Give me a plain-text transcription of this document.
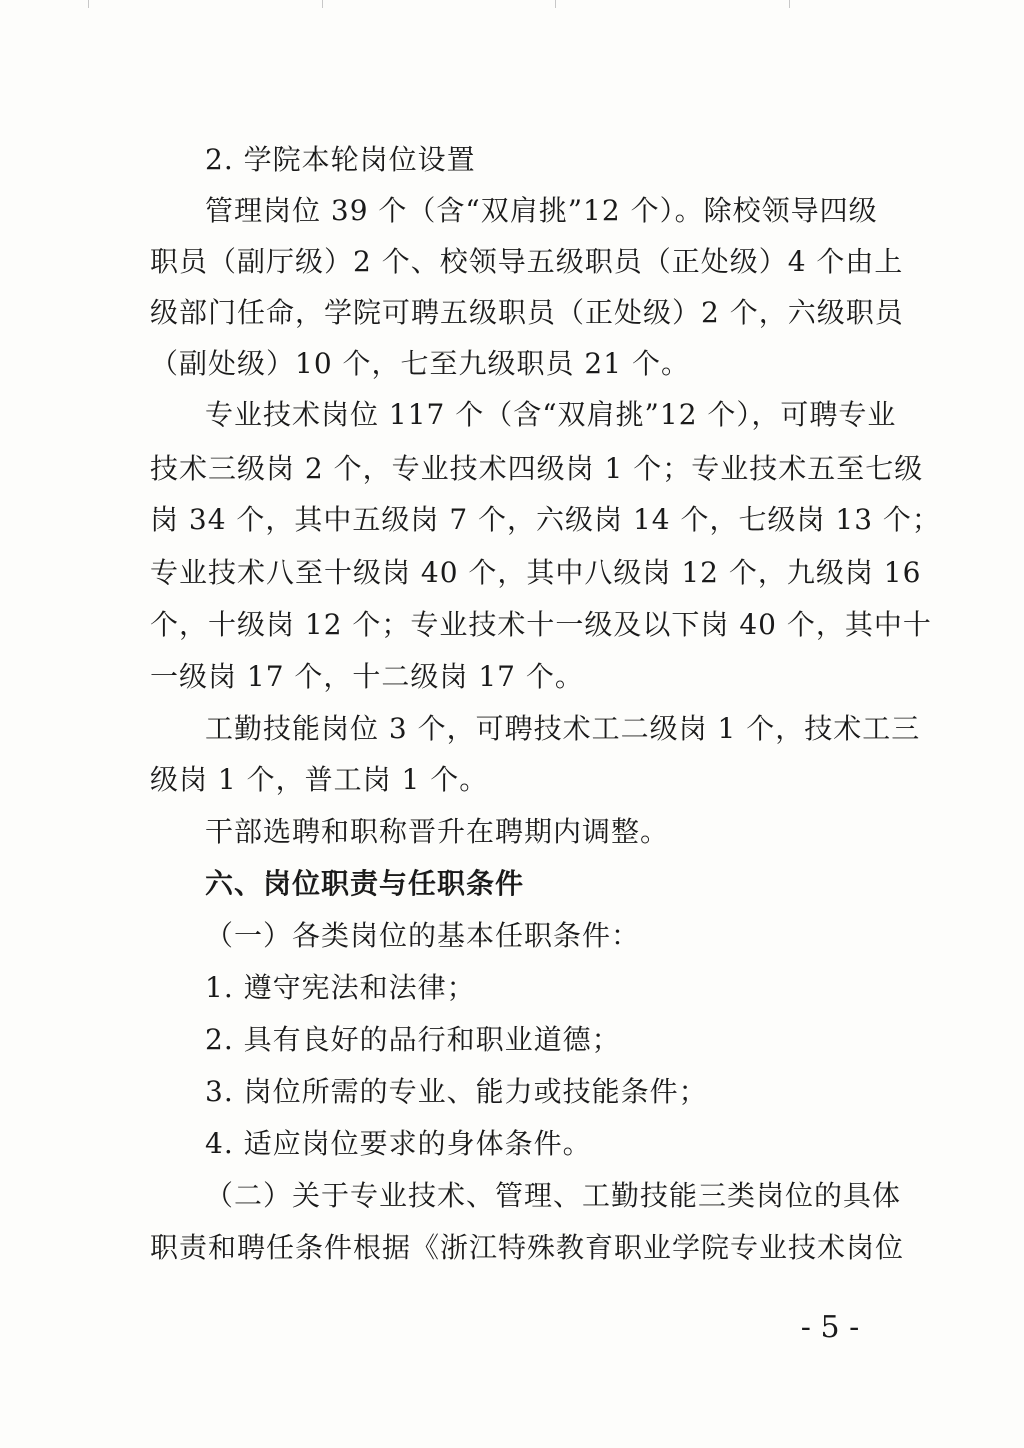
2. 学院本轮岗位设置
管理岗位 39 个（含“双肩挑”12 个）。除校领导四级
职员（副厅级）2 个、校领导五级职员（正处级）4 个由上
级部门任命，学院可聘五级职员（正处级）2 个，六级职员
（副处级）10 个，七至九级职员 21 个。
专业技术岗位 117 个（含“双肩挑”12 个），可聘专业
技术三级岗 2 个，专业技术四级岗 1 个；专业技术五至七级
岗 34 个，其中五级岗 7 个，六级岗 14 个，七级岗 13 个；
专业技术八至十级岗 40 个，其中八级岗 12 个，九级岗 16
个，十级岗 12 个；专业技术十一级及以下岗 40 个，其中十
一级岗 17 个，十二级岗 17 个。
工勤技能岗位 3 个，可聘技术工二级岗 1 个，技术工三
级岗 1 个，普工岗 1 个。
干部选聘和职称晋升在聘期内调整。
六、岗位职责与任职条件
（一）各类岗位的基本任职条件：
1. 遵守宪法和法律；
2. 具有良好的品行和职业道德；
3. 岗位所需的专业、能力或技能条件；
4. 适应岗位要求的身体条件。
（二）关于专业技术、管理、工勤技能三类岗位的具体
职责和聘任条件根据《浙江特殊教育职业学院专业技术岗位
- 5 -
